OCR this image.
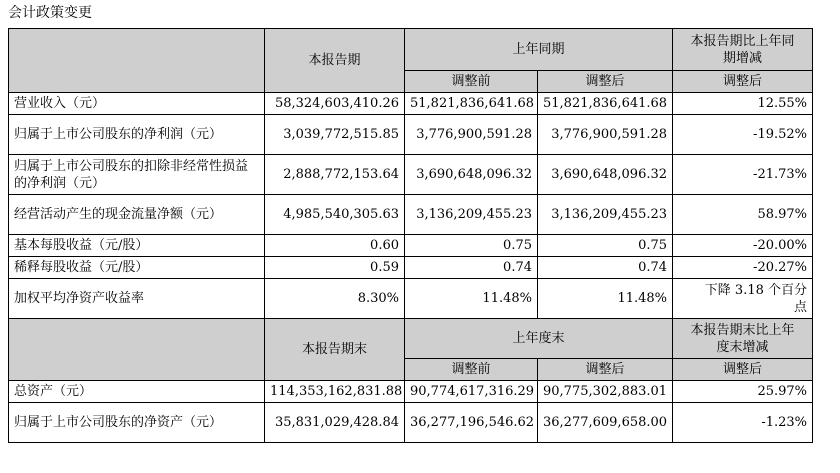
会计政策变更
	本报告期	上年同期		本报告期比上年同
期增减

		调整前	调整后	调整后
营业收入（元）	58,324,603,410.26	51,821,836,641.68	51,821,836,641.68	12.55%
归属于上市公司股东的净利润（元）	3,039,772,515.85	3,776,900,591.28	3,776,900,591.28	-19.52%
归属于上市公司股东的扣除非经常性损益的净利润（元）	2,888,772,153.64	3,690,648,096.32	3,690,648,096.32	-21.73%
经营活动产生的现金流量净额（元）	4,985,540,305.63	3,136,209,455.23	3,136,209,455.23	58.97%
基本每股收益（元/股）	0.60	0.75	0.75	-20.00%
稀释每股收益（元/股）	0.59	0.74	0.74	-20.27%
加权平均净资产收益率	8.30%	11.48%	11.48%	下降 3.18 个百分
点

	本报告期末	上年度末		本报告期末比上年
度末增减

		调整前	调整后	调整后
总资产（元）	114,353,162,831.88	90,774,617,316.29	90,775,302,883.01	25.97%
归属于上市公司股东的净资产（元）	35,831,029,428.84	36,277,196,546.62	36,277,609,658.00	-1.23%
